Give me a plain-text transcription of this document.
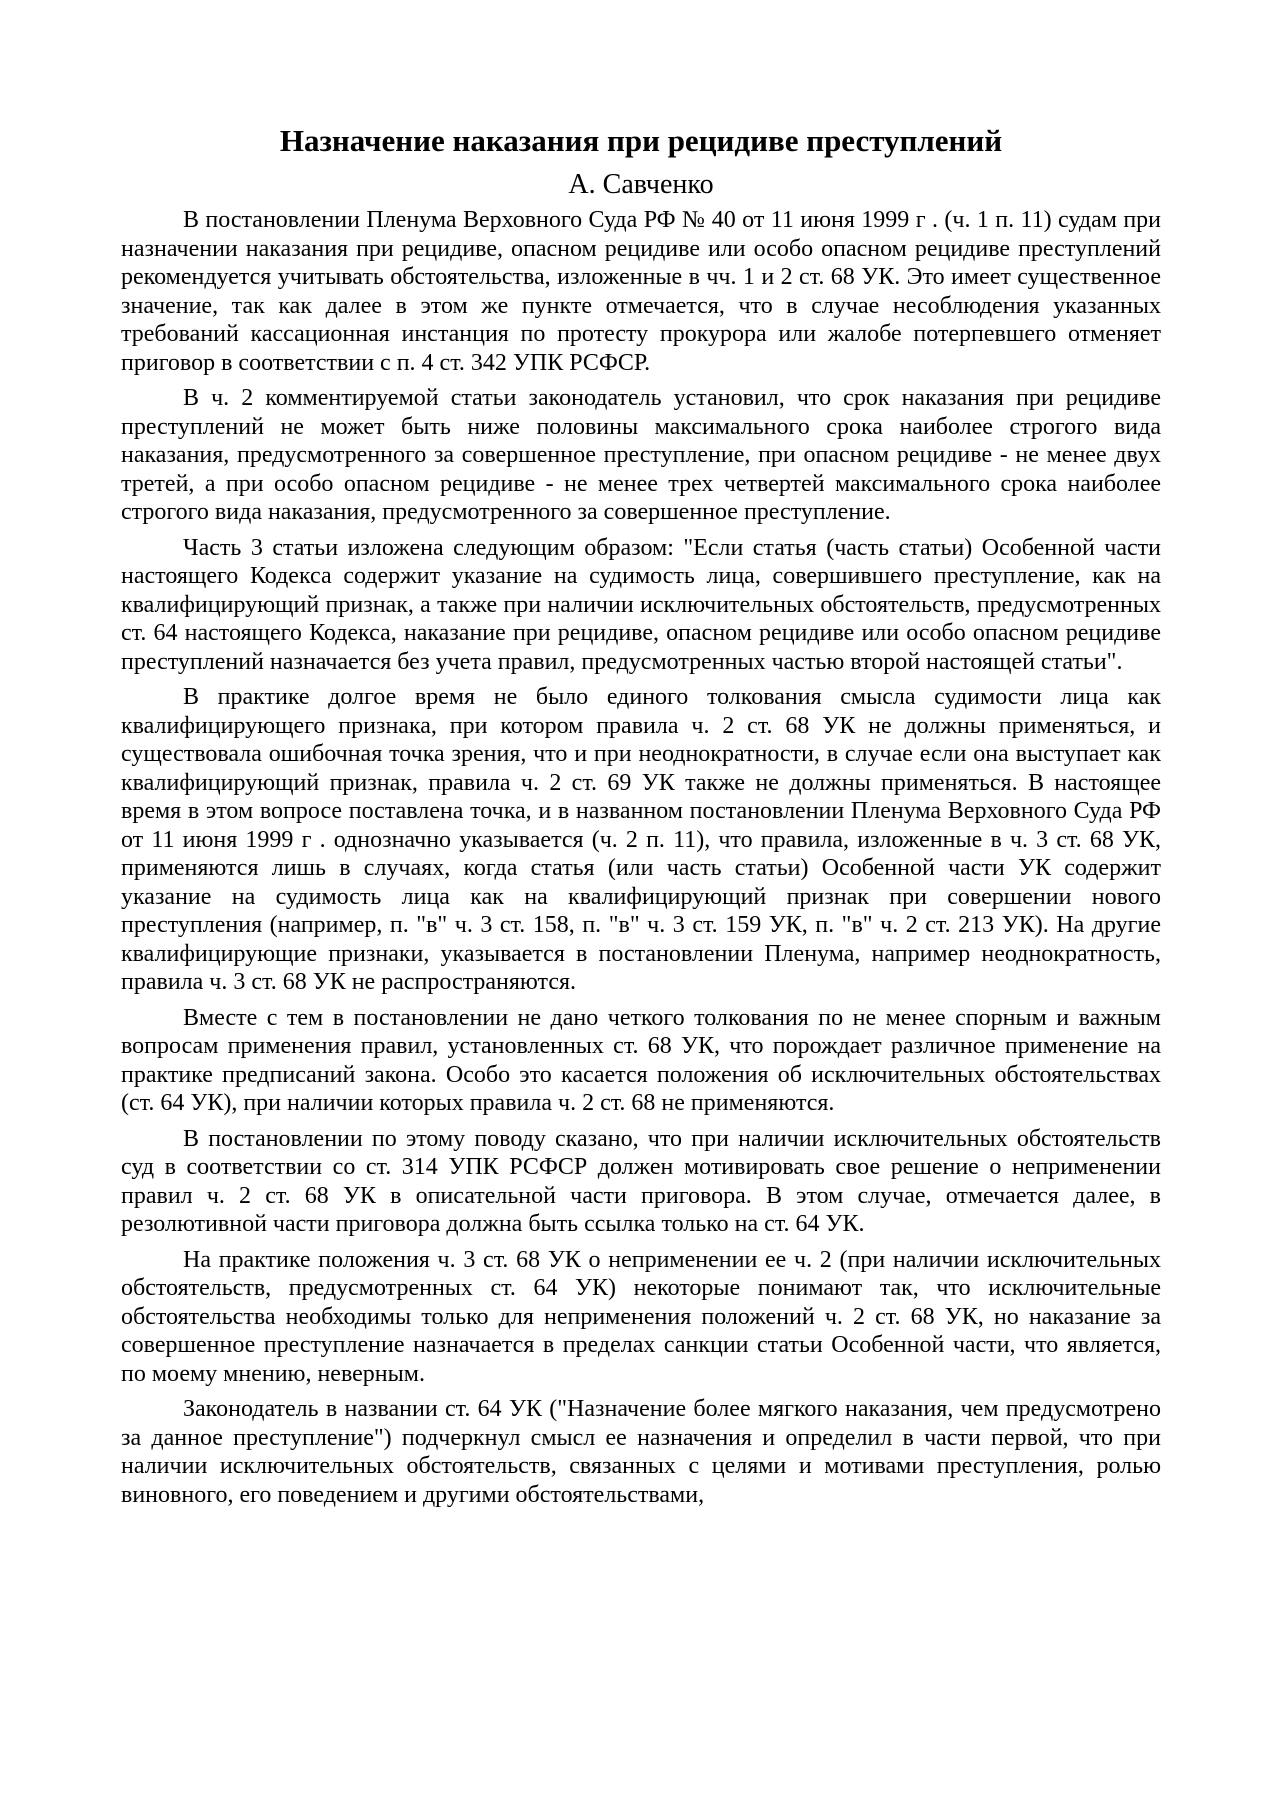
Назначение наказания при рецидиве преступлений
А. Савченко

В постановлении Пленума Верховного Суда РФ № 40 от 11 июня 1999 г . (ч. 1 п. 11) судам при назначении наказания при рецидиве, опасном рецидиве или особо опасном рецидиве преступлений рекомендуется учитывать обстоятельства, изложенные в чч. 1 и 2 ст. 68 УК. Это имеет существенное значение, так как далее в этом же пункте отмечается, что в случае несоблюдения указанных требований кассационная инстанция по протесту прокурора или жалобе потерпевшего отменяет приговор в соответствии с п. 4 ст. 342 УПК РСФСР.

В ч. 2 комментируемой статьи законодатель установил, что срок наказания при рецидиве преступлений не может быть ниже половины максимального срока наиболее строгого вида наказания, предусмотренного за совершенное преступление, при опасном рецидиве - не менее двух третей, а при особо опасном рецидиве - не менее трех четвертей максимального срока наиболее строгого вида наказания, предусмотренного за совершенное преступление.

Часть 3 статьи изложена следующим образом: "Если статья (часть статьи) Особенной части настоящего Кодекса содержит указание на судимость лица, совершившего преступление, как на квалифицирующий признак, а также при наличии исключительных обстоятельств, предусмотренных ст. 64 настоящего Кодекса, наказание при рецидиве, опасном рецидиве или особо опасном рецидиве преступлений назначается без учета правил, предусмотренных частью второй настоящей статьи".

В практике долгое время не было единого толкования смысла судимости лица как квалифицирующего признака, при котором правила ч. 2 ст. 68 УК не должны применяться, и существовала ошибочная точка зрения, что и при неоднократности, в случае если она выступает как квалифицирующий признак, правила ч. 2 ст. 69 УК также не должны применяться. В настоящее время в этом вопросе поставлена точка, и в названном постановлении Пленума Верховного Суда РФ от 11 июня 1999 г . однозначно указывается (ч. 2 п. 11), что правила, изложенные в ч. 3 ст. 68 УК, применяются лишь в случаях, когда статья (или часть статьи) Особенной части УК содержит указание на судимость лица как на квалифицирующий признак при совершении нового преступления (например, п. "в" ч. 3 ст. 158, п. "в" ч. 3 ст. 159 УК, п. "в" ч. 2 ст. 213 УК). На другие квалифицирующие признаки, указывается в постановлении Пленума, например неоднократность, правила ч. 3 ст. 68 УК не распространяются.

Вместе с тем в постановлении не дано четкого толкования по не менее спорным и важным вопросам применения правил, установленных ст. 68 УК, что порождает различное применение на практике предписаний закона. Особо это касается положения об исключительных обстоятельствах (ст. 64 УК), при наличии которых правила ч. 2 ст. 68 не применяются.

В постановлении по этому поводу сказано, что при наличии исключительных обстоятельств суд в соответствии со ст. 314 УПК РСФСР должен мотивировать свое решение о неприменении правил ч. 2 ст. 68 УК в описательной части приговора. В этом случае, отмечается далее, в резолютивной части приговора должна быть ссылка только на ст. 64 УК.

На практике положения ч. 3 ст. 68 УК о неприменении ее ч. 2 (при наличии исключительных обстоятельств, предусмотренных ст. 64 УК) некоторые понимают так, что исключительные обстоятельства необходимы только для неприменения положений ч. 2 ст. 68 УК, но наказание за совершенное преступление назначается в пределах санкции статьи Особенной части, что является, по моему мнению, неверным.

Законодатель в названии ст. 64 УК ("Назначение более мягкого наказания, чем предусмотрено за данное преступление") подчеркнул смысл ее назначения и определил в части первой, что при наличии исключительных обстоятельств, связанных с целями и мотивами преступления, ролью виновного, его поведением и другими обстоятельствами,
